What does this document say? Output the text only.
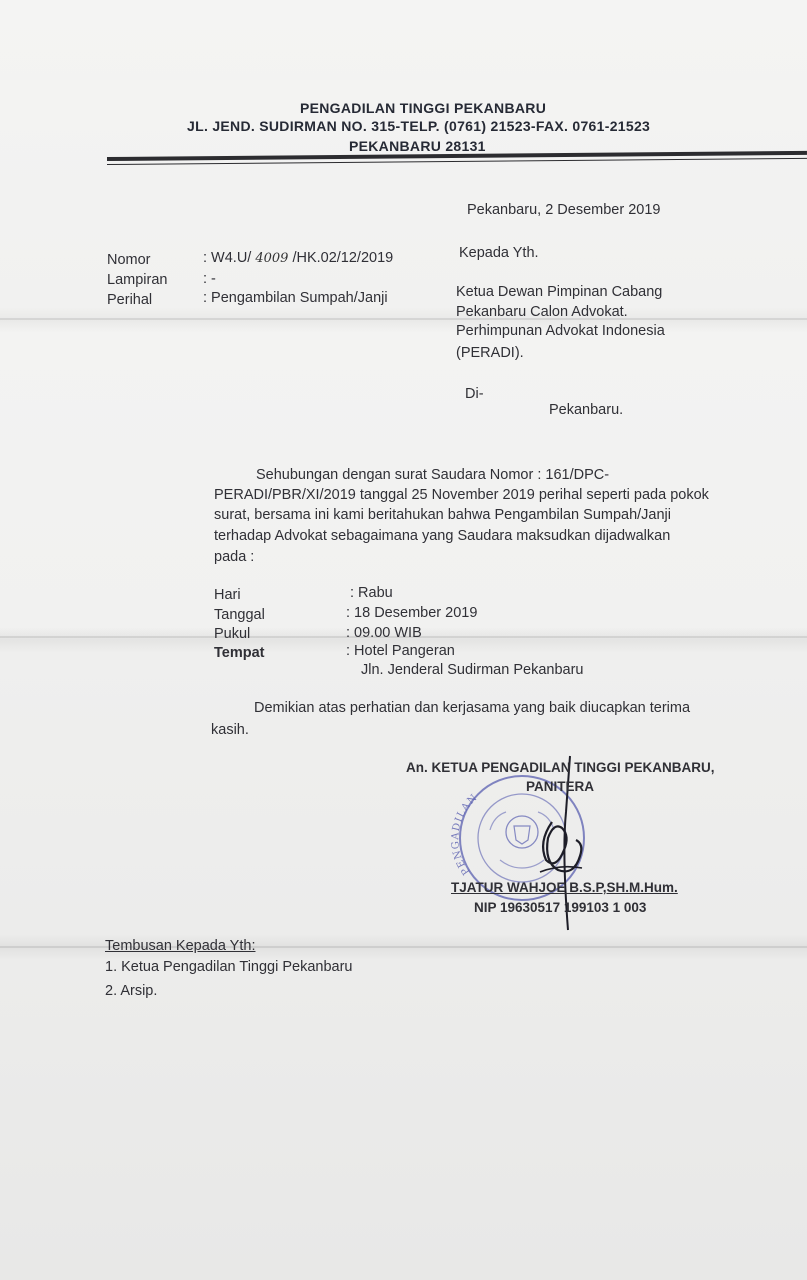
PENGADILAN TINGGI PEKANBARU
JL. JEND. SUDIRMAN NO. 315-TELP. (0761) 21523-FAX. 0761-21523
PEKANBARU 28131
Pekanbaru, 2 Desember 2019
Nomor	: W4.U/ 4009 /HK.02/12/2019
Lampiran : -
Perihal	: Pengambilan Sumpah/Janji
Kepada Yth.
Ketua Dewan Pimpinan Cabang
Pekanbaru Calon Advokat.
Perhimpunan Advokat Indonesia
(PERADI).
Di-
Pekanbaru.
Sehubungan dengan surat Saudara Nomor : 161/DPC-
PERADI/PBR/XI/2019 tanggal 25 November 2019 perihal seperti pada pokok
surat, bersama ini kami beritahukan bahwa Pengambilan Sumpah/Janji
terhadap Advokat sebagaimana yang Saudara maksudkan dijadwalkan
pada :
Hari	: Rabu
Tanggal	: 18 Desember 2019
Pukul	: 09.00 WIB
Tempat	: Hotel Pangeran
Jln. Jenderal Sudirman Pekanbaru
Demikian atas perhatian dan kerjasama yang baik diucapkan terima
kasih.
PENGADILAN
An. KETUA PENGADILAN TINGGI PEKANBARU,
PANITERA
TJATUR WAHJOE B.S.P,SH.M.Hum.
NIP 19630517 199103 1 003
Tembusan Kepada Yth:
1. Ketua Pengadilan Tinggi Pekanbaru
2. Arsip.
